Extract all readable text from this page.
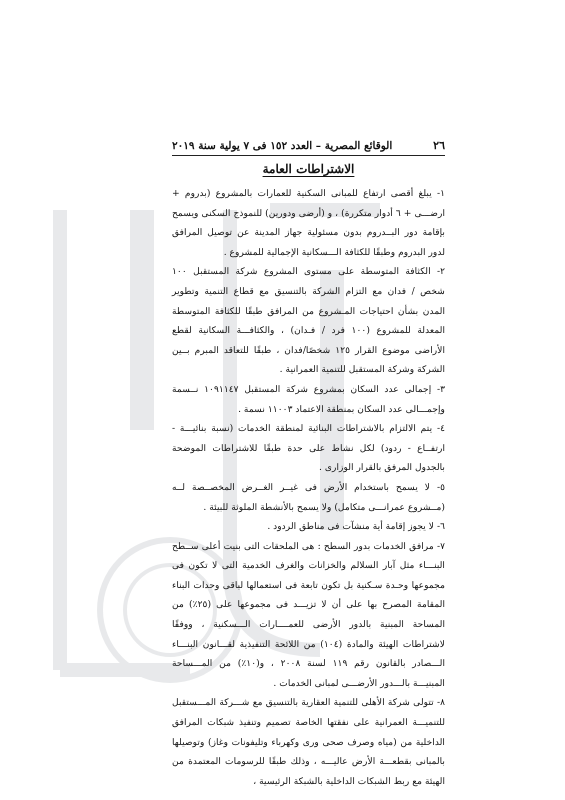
٢٦
الوقائع المصرية – العدد ١٥٢ فى ٧ يولية سنة ٢٠١٩
الاشتراطات العامة

١- يبلغ أقصى ارتفاع للمبانى السكنية للعمارات بالمشروع (بدروم + ارضـــى + ٦ أدوار متكررة) ، و (أرضى ودورين) للنموذج السكنى ويسمح بإقامة دور البــدروم بدون مسئولية جهاز المدينة عن توصيل المرافق لدور البدروم وطبقًا للكثافة الـــسكانية الإجمالية للمشروع .

٢- الكثافة المتوسطة على مستوى المشروع شركة المستقبل ١٠٠ شخص / فدان مع التزام الشركة بالتنسيق مع قطاع التنمية وتطوير المدن بشأن احتياجات المـشروع من المرافق طبقًا للكثافة المتوسطة المعدلة للمشروع (١٠٠ فرد / فـدان) ، والكثافـــة السكانية لقطع الأراضى موضوع القرار ١٢٥ شخصًا/فدان ، طبقًا للتعاقد المبرم بــين الشركة وشركة المستقبل للتنمية العمرانية .

٣- إجمالى عدد السكان بمشروع شركة المستقبل ١٠٩١١٤٧ نــسمة وإجمـــالى عدد السكان بمنطقة الاعتماد ١١٠٠٣ نسمة .

٤- يتم الالتزام بالاشتراطات البنائية لمنطقة الخدمات (نسبة بنائيـــة - ارتفــاع - ردود) لكل نشاط على حدة طبقًا للاشتراطات الموضحة بالجدول المرفق بالقرار الوزارى .

٥- لا يسمح باستخدام الأرض فى غيــر الغــرض المخصــصة لــه (مــشروع عمرانـــى متكامل) ولا يسمح بالأنشطة الملوثة للبيئة .

٦- لا يجوز إقامة أية منشآت فى مناطق الردود .

٧- مرافق الخدمات بدور السطح : هى الملحقات التى بنيت أعلى ســطح البنـــاء مثل آبار السلالم والخزانات والغرف الخدمية التى لا تكون فى مجموعها وحـدة سـكنية بل تكون تابعة فى استعمالها لباقى وحدات البناء المقامة المصرح بها على أن لا تزيـــد فى مجموعها على (٢٥٪) من المساحة المبنية بالدور الأرضى للعمــــارات الـــسكنية ، ووفقًا لاشتراطات الهيئة والمادة (١٠٤) من اللائحة التنفيذية لقـــانون البنـــاء الـــصادر بالقانون رقم ١١٩ لسنة ٢٠٠٨ ، و(١٠٪) من المـــساحة المبنيـــة بالـــدور الأرضـــى لمبانى الخدمات .

٨- تتولى شركة الأهلى للتنمية العقارية بالتنسيق مع شـــركة المـــستقبل للتنميـــة العمرانية على نفقتها الخاصة تصميم وتنفيذ شبكات المرافق الداخلية من (مياه وصرف صحى ورى وكهرباء وتليفونات وغاز) وتوصيلها بالمبانى بقطعـــة الأرض عاليـــه ، وذلك طبقًا للرسومات المعتمدة من الهيئة مع ربط الشبكات الداخلية بالشبكة الرئيسية ،
